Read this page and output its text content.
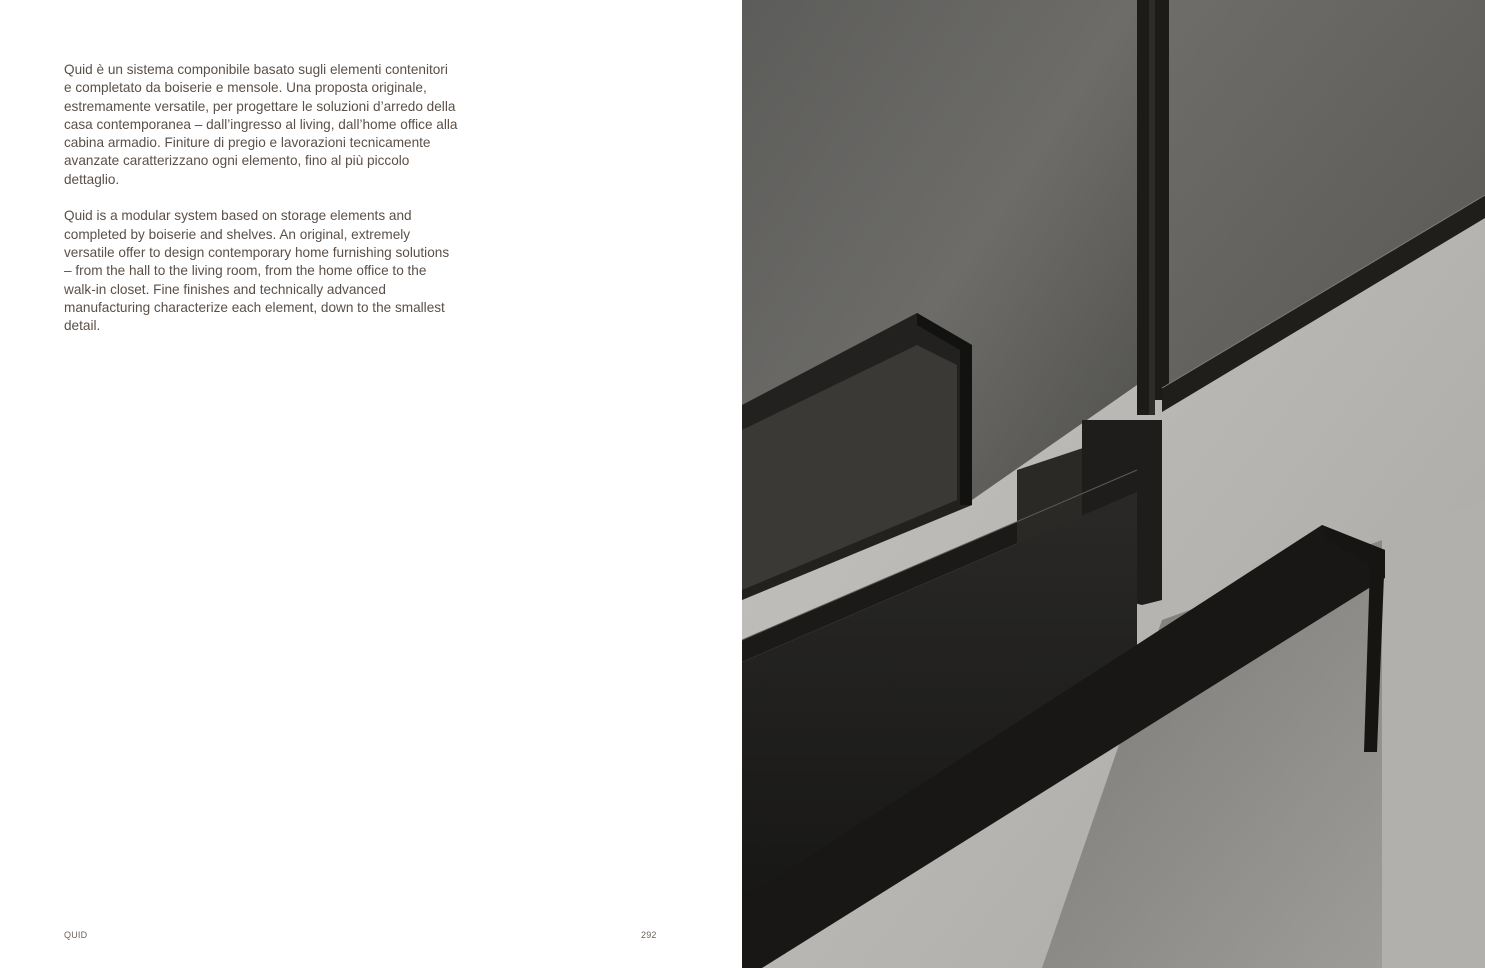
Quid è un sistema componibile basato sugli elementi contenitori e completato da boiserie e mensole. Una proposta originale, estremamente versatile, per progettare le soluzioni d’arredo della casa contemporanea – dall’ingresso al living, dall’home office alla cabina armadio. Finiture di pregio e lavorazioni tecnicamente avanzate caratterizzano ogni elemento, fino al più piccolo dettaglio.

Quid is a modular system based on storage elements and completed by boiserie and shelves. An original, extremely versatile offer to design contemporary home furnishing solutions – from the hall to the living room, from the home office to the walk-in closet. Fine finishes and technically advanced manufacturing characterize each element, down to the smallest detail.

QUID	292
